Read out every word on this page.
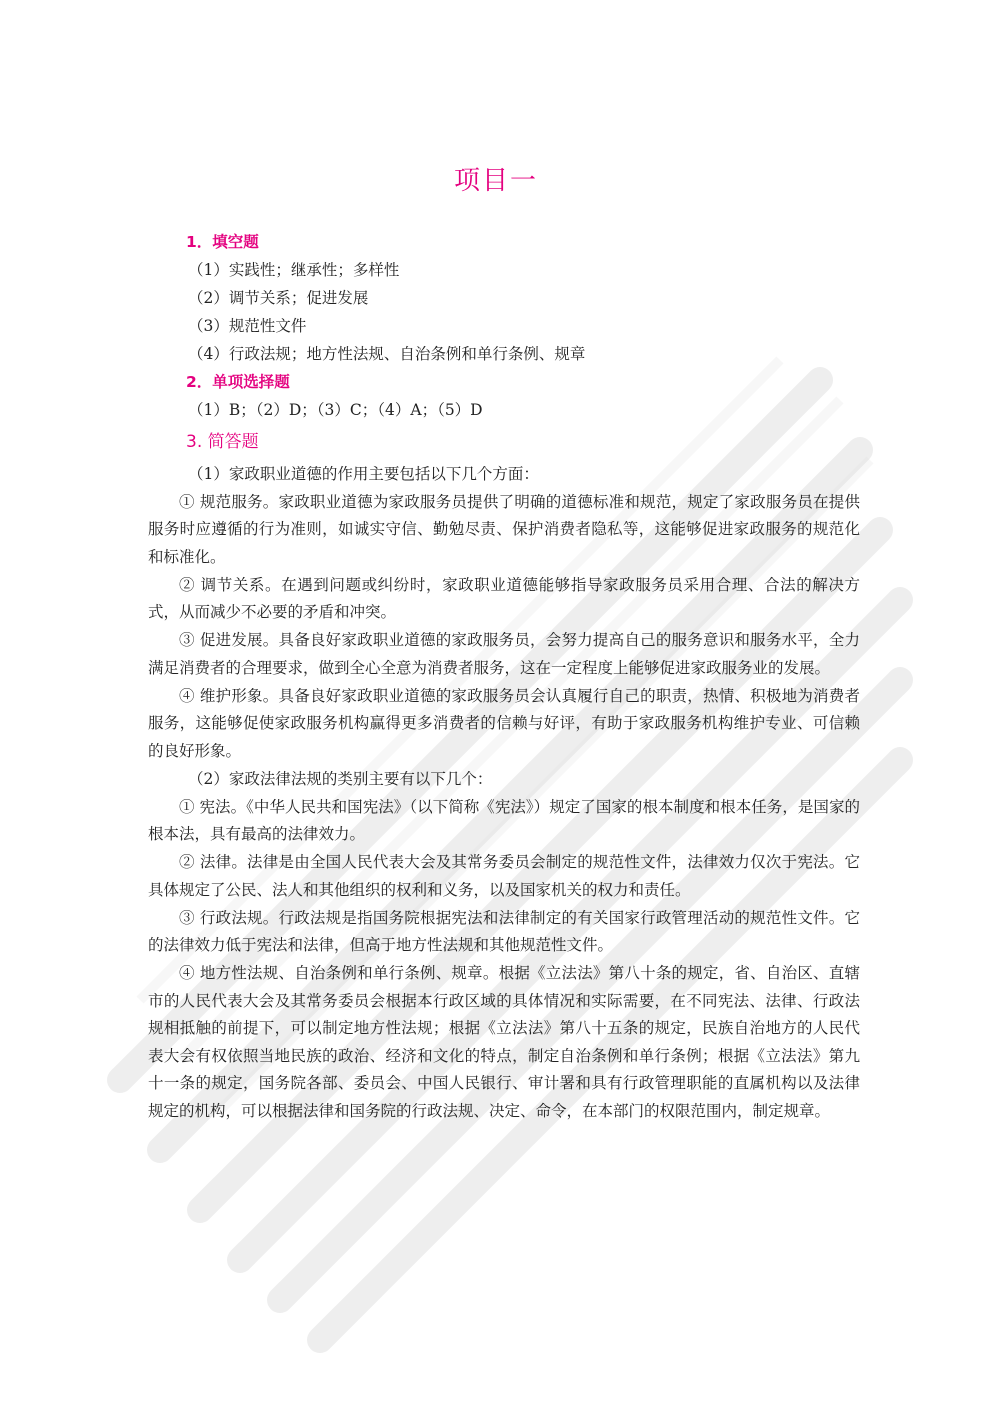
项目一
1．填空题
（1）实践性；继承性；多样性
（2）调节关系；促进发展
（3）规范性文件
（4）行政法规；地方性法规、自治条例和单行条例、规章
2．单项选择题
（1）B；（2）D；（3）C；（4）A；（5）D
3. 简答题
（1）家政职业道德的作用主要包括以下几个方面：

① 规范服务。家政职业道德为家政服务员提供了明确的道德标准和规范，规定了家政服务员在提供服务时应遵循的行为准则，如诚实守信、勤勉尽责、保护消费者隐私等，这能够促进家政服务的规范化和标准化。

② 调节关系。在遇到问题或纠纷时，家政职业道德能够指导家政服务员采用合理、合法的解决方式，从而减少不必要的矛盾和冲突。

③ 促进发展。具备良好家政职业道德的家政服务员，会努力提高自己的服务意识和服务水平，全力满足消费者的合理要求，做到全心全意为消费者服务，这在一定程度上能够促进家政服务业的发展。

④ 维护形象。具备良好家政职业道德的家政服务员会认真履行自己的职责，热情、积极地为消费者服务，这能够促使家政服务机构赢得更多消费者的信赖与好评，有助于家政服务机构维护专业、可信赖的良好形象。

（2）家政法律法规的类别主要有以下几个：

① 宪法。《中华人民共和国宪法》（以下简称《宪法》）规定了国家的根本制度和根本任务，是国家的根本法，具有最高的法律效力。

② 法律。法律是由全国人民代表大会及其常务委员会制定的规范性文件，法律效力仅次于宪法。它具体规定了公民、法人和其他组织的权利和义务，以及国家机关的权力和责任。

③ 行政法规。行政法规是指国务院根据宪法和法律制定的有关国家行政管理活动的规范性文件。它的法律效力低于宪法和法律，但高于地方性法规和其他规范性文件。

④ 地方性法规、自治条例和单行条例、规章。根据《立法法》第八十条的规定，省、自治区、直辖市的人民代表大会及其常务委员会根据本行政区域的具体情况和实际需要，在不同宪法、法律、行政法规相抵触的前提下，可以制定地方性法规；根据《立法法》第八十五条的规定，民族自治地方的人民代表大会有权依照当地民族的政治、经济和文化的特点，制定自治条例和单行条例；根据《立法法》第九十一条的规定，国务院各部、委员会、中国人民银行、审计署和具有行政管理职能的直属机构以及法律规定的机构，可以根据法律和国务院的行政法规、决定、命令，在本部门的权限范围内，制定规章。
